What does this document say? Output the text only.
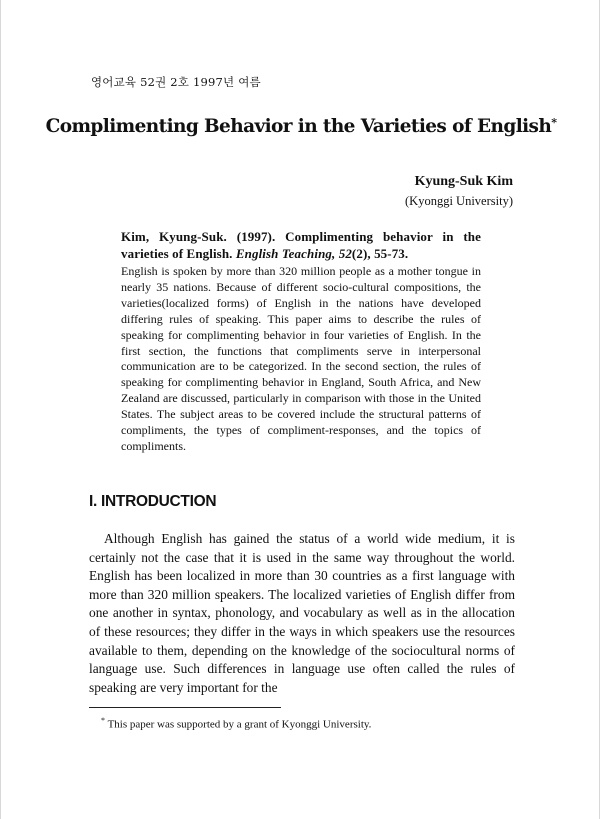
영어교육 52권 2호 1997년 여름
Complimenting Behavior in the Varieties of English*
Kyung-Suk Kim
(Kyonggi University)
Kim, Kyung-Suk. (1997). Complimenting behavior in the varieties of English. English Teaching, 52(2), 55-73.
English is spoken by more than 320 million people as a mother tongue in nearly 35 nations. Because of different socio-cultural compositions, the varieties(localized forms) of English in the nations have developed differing rules of speaking. This paper aims to describe the rules of speaking for complimenting behavior in four varieties of English. In the first section, the functions that compliments serve in interpersonal communication are to be categorized. In the second section, the rules of speaking for complimenting behavior in England, South Africa, and New Zealand are discussed, particularly in comparison with those in the United States. The subject areas to be covered include the structural patterns of compliments, the types of compliment-responses, and the topics of compliments.
I. INTRODUCTION
Although English has gained the status of a world wide medium, it is certainly not the case that it is used in the same way throughout the world. English has been localized in more than 30 countries as a first language with more than 320 million speakers. The localized varieties of English differ from one another in syntax, phonology, and vocabulary as well as in the allocation of these resources; they differ in the ways in which speakers use the resources available to them, depending on the knowledge of the sociocultural norms of language use. Such differences in language use often called the rules of speaking are very important for the
* This paper was supported by a grant of Kyonggi University.
